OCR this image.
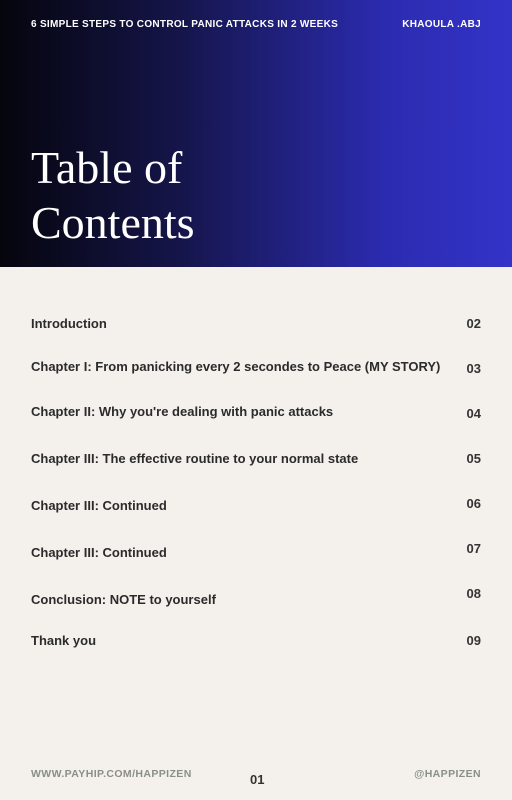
6 SIMPLE STEPS TO CONTROL PANIC ATTACKS IN 2 WEEKS	KHAOULA .ABJ
Table of
Contents
Introduction	02
Chapter I: From panicking every 2 secondes to Peace (MY STORY) 03
Chapter II: Why you're dealing with panic attacks	04
Chapter III: The effective routine to your normal state	05
Chapter III: Continued	06
Chapter III: Continued	07
Conclusion: NOTE to yourself	08
Thank you	09
WWW.PAYHIP.COM/HAPPIZEN	01	@HAPPIZEN
